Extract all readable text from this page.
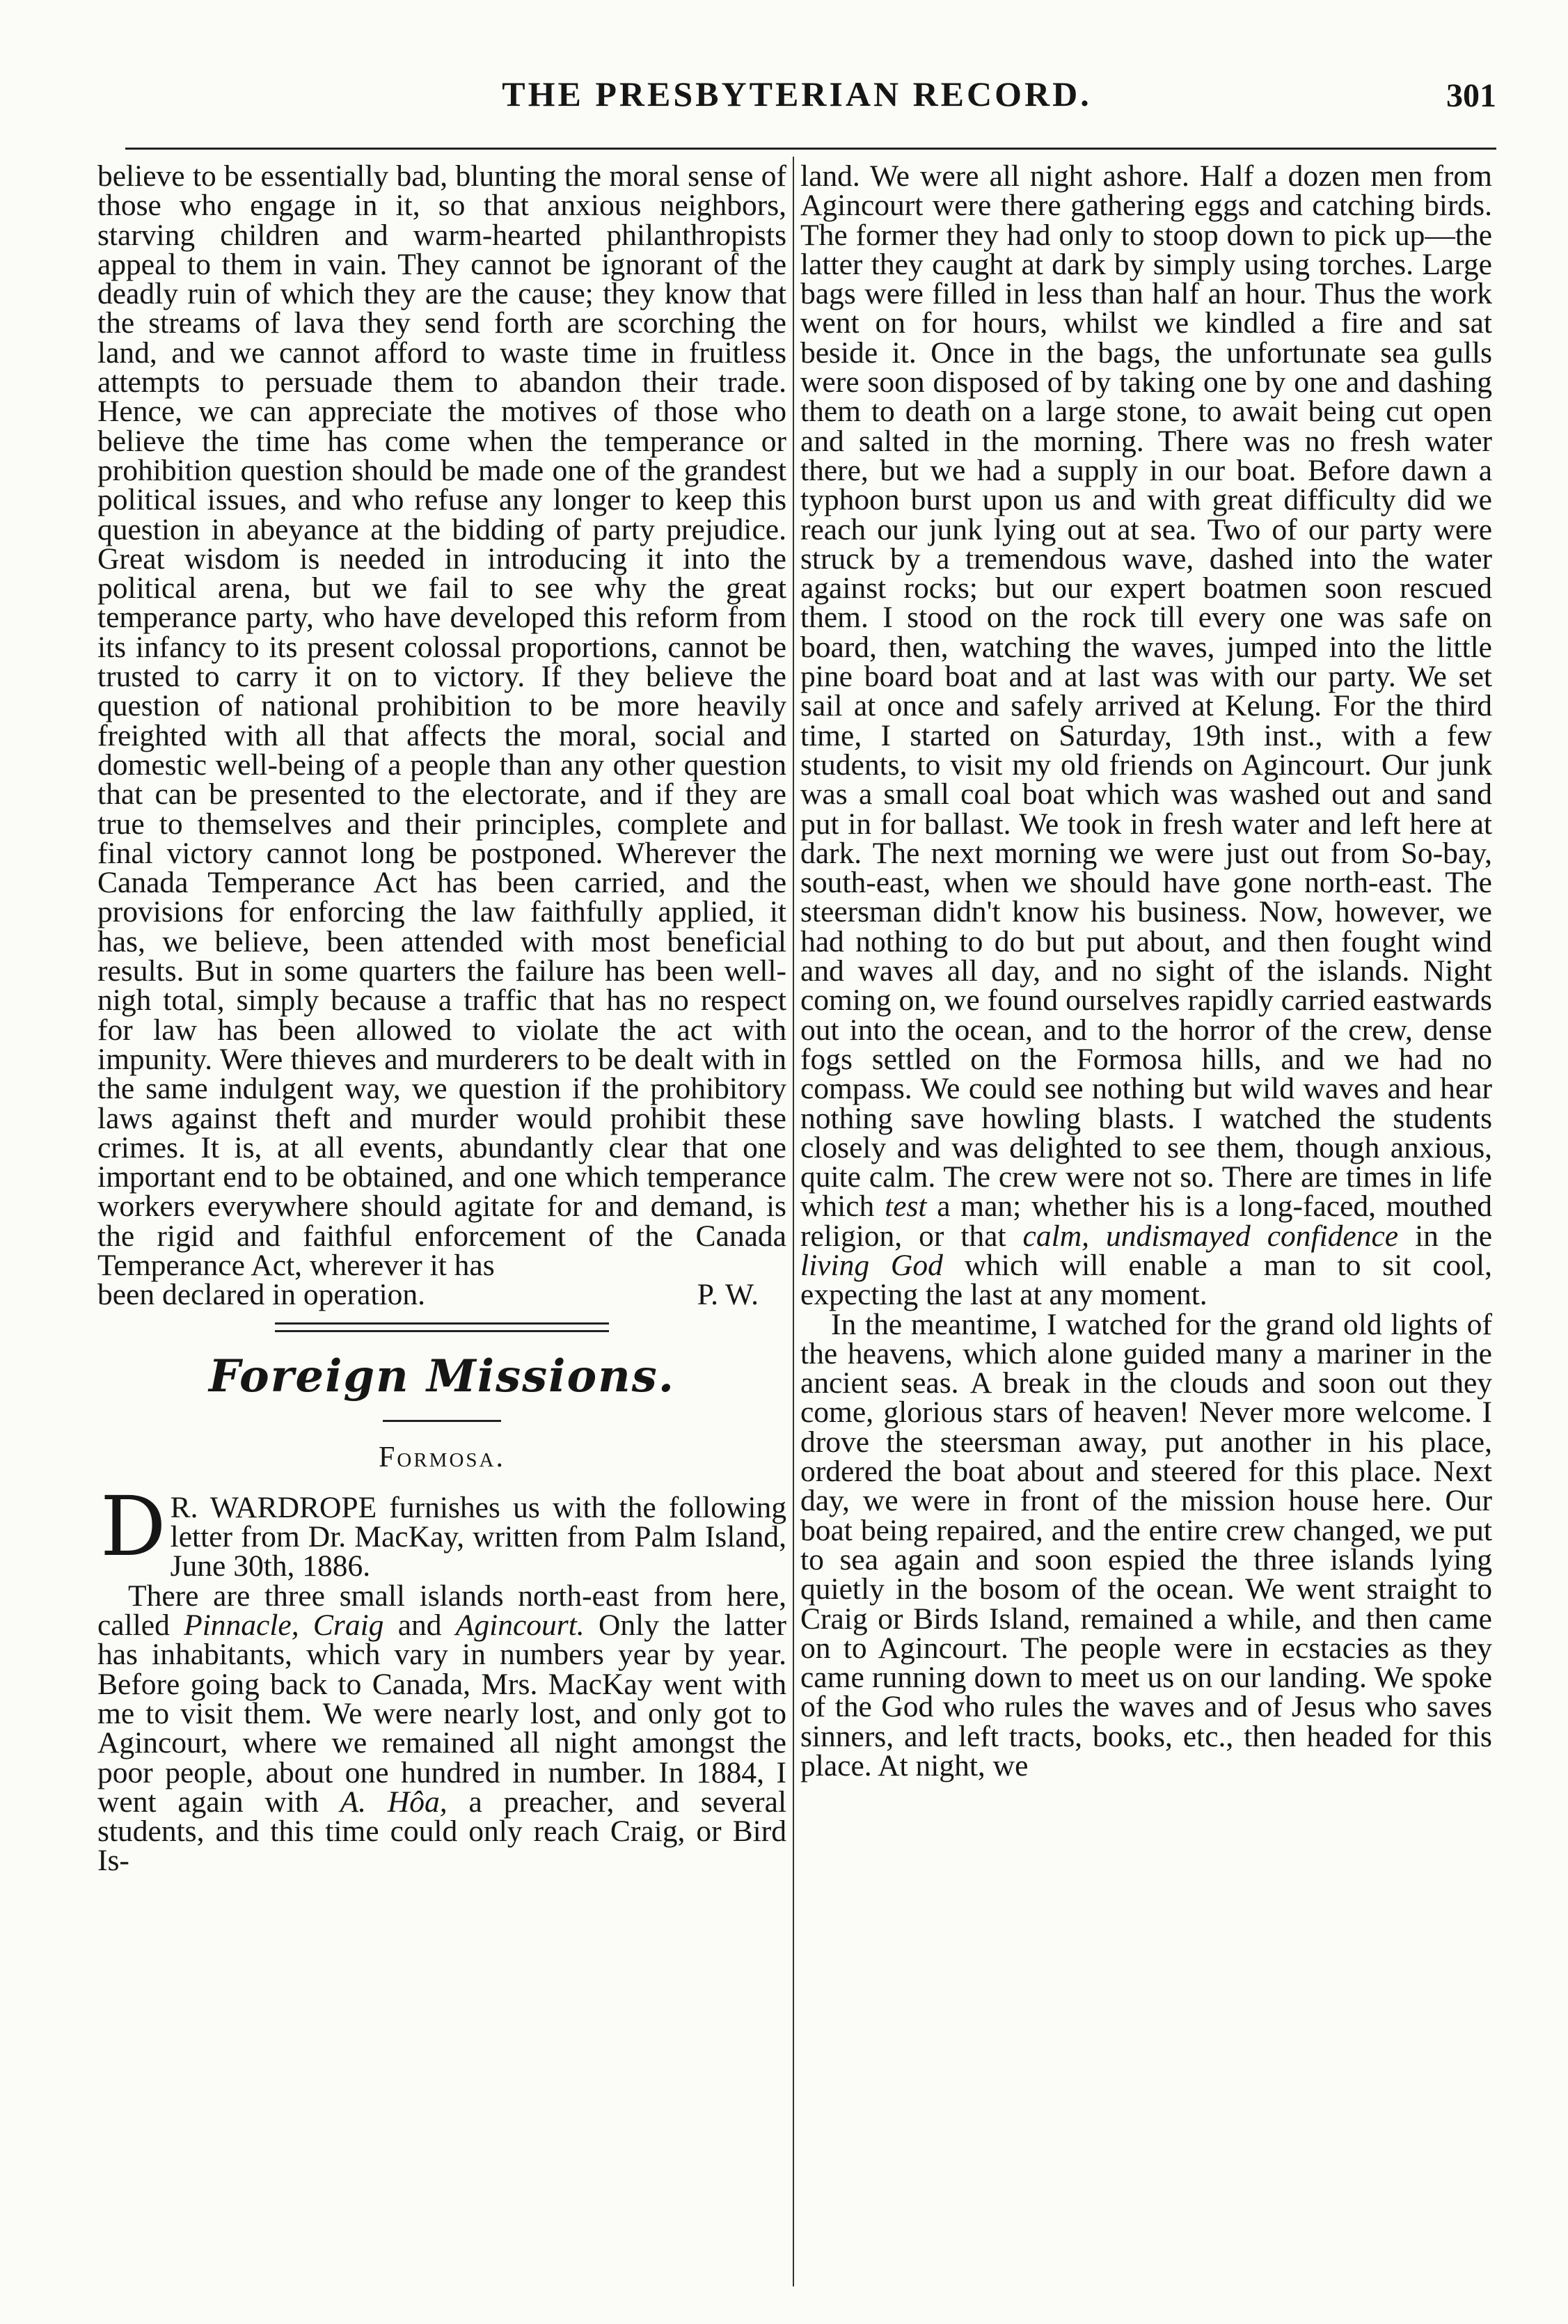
THE PRESBYTERIAN RECORD.	301

believe to be essentially bad, blunting the moral sense of those who engage in it, so that anxious neighbors, starving children and warm-hearted philanthropists appeal to them in vain. They cannot be ignorant of the deadly ruin of which they are the cause; they know that the streams of lava they send forth are scorching the land, and we cannot afford to waste time in fruitless attempts to persuade them to abandon their trade. Hence, we can appreciate the motives of those who believe the time has come when the temperance or prohibition question should be made one of the grandest political issues, and who refuse any longer to keep this question in abeyance at the bidding of party prejudice. Great wisdom is needed in introducing it into the political arena, but we fail to see why the great temperance party, who have developed this reform from its infancy to its present colossal proportions, cannot be trusted to carry it on to victory. If they believe the question of national prohibition to be more heavily freighted with all that affects the moral, social and domestic well-being of a people than any other question that can be presented to the electorate, and if they are true to themselves and their principles, complete and final victory cannot long be postponed. Wherever the Canada Temperance Act has been carried, and the provisions for enforcing the law faithfully applied, it has, we believe, been attended with most beneficial results. But in some quarters the failure has been well-nigh total, simply because a traffic that has no respect for law has been allowed to violate the act with impunity. Were thieves and murderers to be dealt with in the same indulgent way, we question if the prohibitory laws against theft and murder would prohibit these crimes. It is, at all events, abundantly clear that one important end to be obtained, and one which temperance workers everywhere should agitate for and demand, is the rigid and faithful enforcement of the Canada Temperance Act, wherever it has

been declared in operation.	P. W.

Foreign Missions.
Formosa.

D R. WARDROPE furnishes us with the following letter from Dr. MacKay, written from Palm Island, June 30th, 1886.

There are three small islands north-east from here, called Pinnacle, Craig and Agincourt. Only the latter has inhabitants, which vary in numbers year by year. Before going back to Canada, Mrs. MacKay went with me to visit them. We were nearly lost, and only got to Agincourt, where we remained all night amongst the poor people, about one hundred in number. In 1884, I went again with A. Hôa, a preacher, and several students, and this time could only reach Craig, or Bird Is-

land. We were all night ashore. Half a dozen men from Agincourt were there gathering eggs and catching birds. The former they had only to stoop down to pick up—the latter they caught at dark by simply using torches. Large bags were filled in less than half an hour. Thus the work went on for hours, whilst we kindled a fire and sat beside it. Once in the bags, the unfortunate sea gulls were soon disposed of by taking one by one and dashing them to death on a large stone, to await being cut open and salted in the morning. There was no fresh water there, but we had a supply in our boat. Before dawn a typhoon burst upon us and with great difficulty did we reach our junk lying out at sea. Two of our party were struck by a tremendous wave, dashed into the water against rocks; but our expert boatmen soon rescued them. I stood on the rock till every one was safe on board, then, watching the waves, jumped into the little pine board boat and at last was with our party. We set sail at once and safely arrived at Kelung. For the third time, I started on Saturday, 19th inst., with a few students, to visit my old friends on Agincourt. Our junk was a small coal boat which was washed out and sand put in for ballast. We took in fresh water and left here at dark. The next morning we were just out from So-bay, south-east, when we should have gone north-east. The steersman didn't know his business. Now, however, we had nothing to do but put about, and then fought wind and waves all day, and no sight of the islands. Night coming on, we found ourselves rapidly carried eastwards out into the ocean, and to the horror of the crew, dense fogs settled on the Formosa hills, and we had no compass. We could see nothing but wild waves and hear nothing save howling blasts. I watched the students closely and was delighted to see them, though anxious, quite calm. The crew were not so. There are times in life which test a man; whether his is a long-faced, mouthed religion, or that calm, undismayed confidence in the living God which will enable a man to sit cool, expecting the last at any moment.

In the meantime, I watched for the grand old lights of the heavens, which alone guided many a mariner in the ancient seas. A break in the clouds and soon out they come, glorious stars of heaven! Never more welcome. I drove the steersman away, put another in his place, ordered the boat about and steered for this place. Next day, we were in front of the mission house here. Our boat being repaired, and the entire crew changed, we put to sea again and soon espied the three islands lying quietly in the bosom of the ocean. We went straight to Craig or Birds Island, remained a while, and then came on to Agincourt. The people were in ecstacies as they came running down to meet us on our landing. We spoke of the God who rules the waves and of Jesus who saves sinners, and left tracts, books, etc., then headed for this place. At night, we
